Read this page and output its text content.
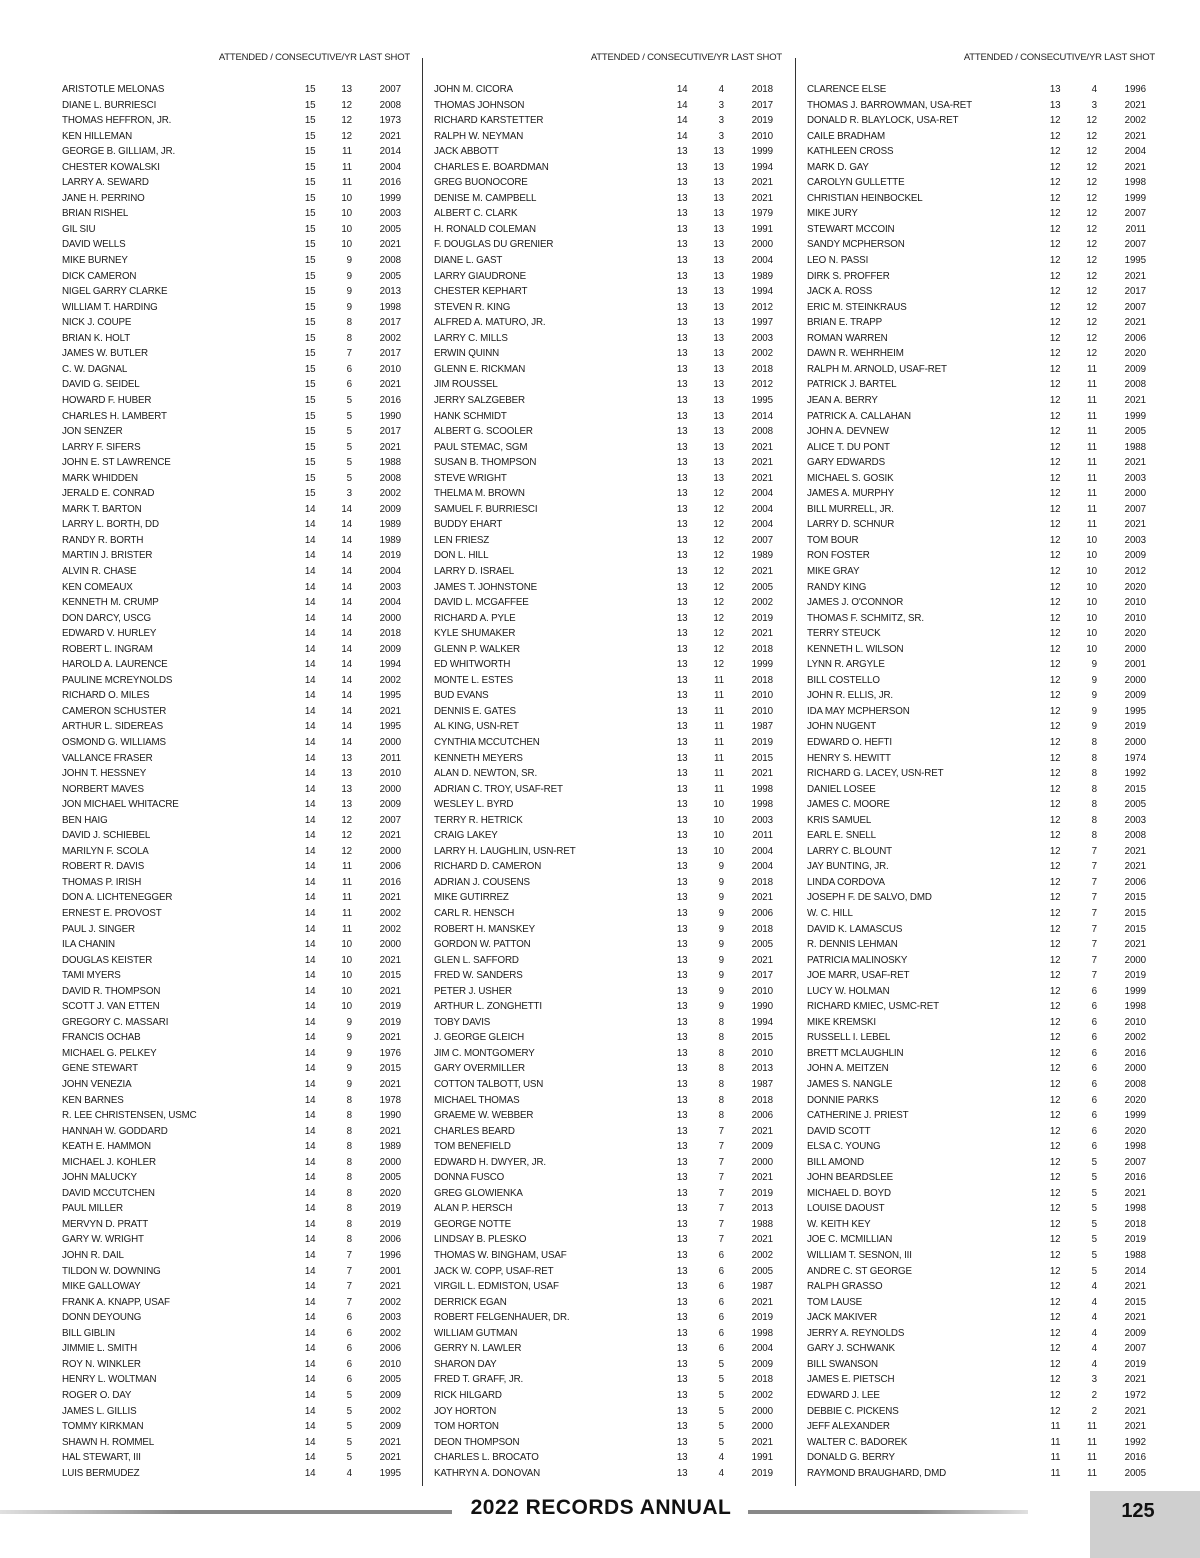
ATTENDED / CONSECUTIVE/YR LAST SHOT
ARISTOTLE MELONAS	15	13	2007
DIANE L. BURRIESCI	15	12	2008
THOMAS HEFFRON, JR.	15	12	1973
KEN HILLEMAN	15	12	2021
GEORGE B. GILLIAM, JR.	15	11	2014
CHESTER KOWALSKI	15	11	2004
LARRY A. SEWARD	15	11	2016
JANE H. PERRINO	15	10	1999
BRIAN RISHEL	15	10	2003
GIL SIU	15	10	2005
DAVID WELLS	15	10	2021
MIKE BURNEY	15	9	2008
DICK CAMERON	15	9	2005
NIGEL GARRY CLARKE	15	9	2013
WILLIAM T. HARDING	15	9	1998
NICK J. COUPE	15	8	2017
BRIAN K. HOLT	15	8	2002
JAMES W. BUTLER	15	7	2017
C. W. DAGNAL	15	6	2010
DAVID G. SEIDEL	15	6	2021
HOWARD F. HUBER	15	5	2016
CHARLES H. LAMBERT	15	5	1990
JON SENZER	15	5	2017
LARRY F. SIFERS	15	5	2021
JOHN E. ST LAWRENCE	15	5	1988
MARK WHIDDEN	15	5	2008
JERALD E. CONRAD	15	3	2002
MARK T. BARTON	14	14	2009
LARRY L. BORTH, DD	14	14	1989
RANDY R. BORTH	14	14	1989
MARTIN J. BRISTER	14	14	2019
ALVIN R. CHASE	14	14	2004
KEN COMEAUX	14	14	2003
KENNETH M. CRUMP	14	14	2004
DON DARCY, USCG	14	14	2000
EDWARD V. HURLEY	14	14	2018
ROBERT L. INGRAM	14	14	2009
HAROLD A. LAURENCE	14	14	1994
PAULINE MCREYNOLDS	14	14	2002
RICHARD O. MILES	14	14	1995
CAMERON SCHUSTER	14	14	2021
ARTHUR L. SIDEREAS	14	14	1995
OSMOND G. WILLIAMS	14	14	2000
VALLANCE FRASER	14	13	2011
JOHN T. HESSNEY	14	13	2010
NORBERT MAVES	14	13	2000
JON MICHAEL WHITACRE	14	13	2009
BEN HAIG	14	12	2007
DAVID J. SCHIEBEL	14	12	2021
MARILYN F. SCOLA	14	12	2000
ROBERT R. DAVIS	14	11	2006
THOMAS P. IRISH	14	11	2016
DON A. LICHTENEGGER	14	11	2021
ERNEST E. PROVOST	14	11	2002
PAUL J. SINGER	14	11	2002
ILA CHANIN	14	10	2000
DOUGLAS KEISTER	14	10	2021
TAMI MYERS	14	10	2015
DAVID R. THOMPSON	14	10	2021
SCOTT J. VAN ETTEN	14	10	2019
GREGORY C. MASSARI	14	9	2019
FRANCIS OCHAB	14	9	2021
MICHAEL G. PELKEY	14	9	1976
GENE STEWART	14	9	2015
JOHN VENEZIA	14	9	2021
KEN BARNES	14	8	1978
R. LEE CHRISTENSEN, USMC	14	8	1990
HANNAH W. GODDARD	14	8	2021
KEATH E. HAMMON	14	8	1989
MICHAEL J. KOHLER	14	8	2000
JOHN MALUCKY	14	8	2005
DAVID MCCUTCHEN	14	8	2020
PAUL MILLER	14	8	2019
MERVYN D. PRATT	14	8	2019
GARY W. WRIGHT	14	8	2006
JOHN R. DAIL	14	7	1996
TILDON W. DOWNING	14	7	2001
MIKE GALLOWAY	14	7	2021
FRANK A. KNAPP, USAF	14	7	2002
DONN DEYOUNG	14	6	2003
BILL GIBLIN	14	6	2002
JIMMIE L. SMITH	14	6	2006
ROY N. WINKLER	14	6	2010
HENRY L. WOLTMAN	14	6	2005
ROGER O. DAY	14	5	2009
JAMES L. GILLIS	14	5	2002
TOMMY KIRKMAN	14	5	2009
SHAWN H. ROMMEL	14	5	2021
HAL STEWART, III	14	5	2021
LUIS BERMUDEZ	14	4	1995
ATTENDED / CONSECUTIVE/YR LAST SHOT
JOHN M. CICORA	14	4	2018
THOMAS JOHNSON	14	3	2017
RICHARD KARSTETTER	14	3	2019
RALPH W. NEYMAN	14	3	2010
JACK ABBOTT	13	13	1999
CHARLES E. BOARDMAN	13	13	1994
GREG BUONOCORE	13	13	2021
DENISE M. CAMPBELL	13	13	2021
ALBERT C. CLARK	13	13	1979
H. RONALD COLEMAN	13	13	1991
F. DOUGLAS DU GRENIER	13	13	2000
DIANE L. GAST	13	13	2004
LARRY GIAUDRONE	13	13	1989
CHESTER KEPHART	13	13	1994
STEVEN R. KING	13	13	2012
ALFRED A. MATURO, JR.	13	13	1997
LARRY C. MILLS	13	13	2003
ERWIN QUINN	13	13	2002
GLENN E. RICKMAN	13	13	2018
JIM ROUSSEL	13	13	2012
JERRY SALZGEBER	13	13	1995
HANK SCHMIDT	13	13	2014
ALBERT G. SCOOLER	13	13	2008
PAUL STEMAC, SGM	13	13	2021
SUSAN B. THOMPSON	13	13	2021
STEVE WRIGHT	13	13	2021
THELMA M. BROWN	13	12	2004
SAMUEL F. BURRIESCI	13	12	2004
BUDDY EHART	13	12	2004
LEN FRIESZ	13	12	2007
DON L. HILL	13	12	1989
LARRY D. ISRAEL	13	12	2021
JAMES T. JOHNSTONE	13	12	2005
DAVID L. MCGAFFEE	13	12	2002
RICHARD A. PYLE	13	12	2019
KYLE SHUMAKER	13	12	2021
GLENN P. WALKER	13	12	2018
ED WHITWORTH	13	12	1999
MONTE L. ESTES	13	11	2018
BUD EVANS	13	11	2010
DENNIS E. GATES	13	11	2010
AL KING, USN-RET	13	11	1987
CYNTHIA MCCUTCHEN	13	11	2019
KENNETH MEYERS	13	11	2015
ALAN D. NEWTON, SR.	13	11	2021
ADRIAN C. TROY, USAF-RET	13	11	1998
WESLEY L. BYRD	13	10	1998
TERRY R. HETRICK	13	10	2003
CRAIG LAKEY	13	10	2011
LARRY H. LAUGHLIN, USN-RET	13	10	2004
RICHARD D. CAMERON	13	9	2004
ADRIAN J. COUSENS	13	9	2018
MIKE GUTIRREZ	13	9	2021
CARL R. HENSCH	13	9	2006
ROBERT H. MANSKEY	13	9	2018
GORDON W. PATTON	13	9	2005
GLEN L. SAFFORD	13	9	2021
FRED W. SANDERS	13	9	2017
PETER J. USHER	13	9	2010
ARTHUR L. ZONGHETTI	13	9	1990
TOBY DAVIS	13	8	1994
J. GEORGE GLEICH	13	8	2015
JIM C. MONTGOMERY	13	8	2010
GARY OVERMILLER	13	8	2013
COTTON TALBOTT, USN	13	8	1987
MICHAEL THOMAS	13	8	2018
GRAEME W. WEBBER	13	8	2006
CHARLES BEARD	13	7	2021
TOM BENEFIELD	13	7	2009
EDWARD H. DWYER, JR.	13	7	2000
DONNA FUSCO	13	7	2021
GREG GLOWIENKA	13	7	2019
ALAN P. HERSCH	13	7	2013
GEORGE NOTTE	13	7	1988
LINDSAY B. PLESKO	13	7	2021
THOMAS W. BINGHAM, USAF	13	6	2002
JACK W. COPP, USAF-RET	13	6	2005
VIRGIL L. EDMISTON, USAF	13	6	1987
DERRICK EGAN	13	6	2021
ROBERT FELGENHAUER, DR.	13	6	2019
WILLIAM GUTMAN	13	6	1998
GERRY N. LAWLER	13	6	2004
SHARON DAY	13	5	2009
FRED T. GRAFF, JR.	13	5	2018
RICK HILGARD	13	5	2002
JOY HORTON	13	5	2000
TOM HORTON	13	5	2000
DEON THOMPSON	13	5	2021
CHARLES L. BROCATO	13	4	1991
KATHRYN A. DONOVAN	13	4	2019
ATTENDED / CONSECUTIVE/YR LAST SHOT
CLARENCE ELSE	13	4	1996
THOMAS J. BARROWMAN, USA-RET	13	3	2021
DONALD R. BLAYLOCK, USA-RET	12	12	2002
CAILE BRADHAM	12	12	2021
KATHLEEN CROSS	12	12	2004
MARK D. GAY	12	12	2021
CAROLYN GULLETTE	12	12	1998
CHRISTIAN HEINBOCKEL	12	12	1999
MIKE JURY	12	12	2007
STEWART MCCOIN	12	12	2011
SANDY MCPHERSON	12	12	2007
LEO N. PASSI	12	12	1995
DIRK S. PROFFER	12	12	2021
JACK A. ROSS	12	12	2017
ERIC M. STEINKRAUS	12	12	2007
BRIAN E. TRAPP	12	12	2021
ROMAN WARREN	12	12	2006
DAWN R. WEHRHEIM	12	12	2020
RALPH M. ARNOLD, USAF-RET	12	11	2009
PATRICK J. BARTEL	12	11	2008
JEAN A. BERRY	12	11	2021
PATRICK A. CALLAHAN	12	11	1999
JOHN A. DEVNEW	12	11	2005
ALICE T. DU PONT	12	11	1988
GARY EDWARDS	12	11	2021
MICHAEL S. GOSIK	12	11	2003
JAMES A. MURPHY	12	11	2000
BILL MURRELL, JR.	12	11	2007
LARRY D. SCHNUR	12	11	2021
TOM BOUR	12	10	2003
RON FOSTER	12	10	2009
MIKE GRAY	12	10	2012
RANDY KING	12	10	2020
JAMES J. O'CONNOR	12	10	2010
THOMAS F. SCHMITZ, SR.	12	10	2010
TERRY STEUCK	12	10	2020
KENNETH L. WILSON	12	10	2000
LYNN R. ARGYLE	12	9	2001
BILL COSTELLO	12	9	2000
JOHN R. ELLIS, JR.	12	9	2009
IDA MAY MCPHERSON	12	9	1995
JOHN NUGENT	12	9	2019
EDWARD O. HEFTI	12	8	2000
HENRY S. HEWITT	12	8	1974
RICHARD G. LACEY, USN-RET	12	8	1992
DANIEL LOSEE	12	8	2015
JAMES C. MOORE	12	8	2005
KRIS SAMUEL	12	8	2003
EARL E. SNELL	12	8	2008
LARRY C. BLOUNT	12	7	2021
JAY BUNTING, JR.	12	7	2021
LINDA CORDOVA	12	7	2006
JOSEPH F. DE SALVO, DMD	12	7	2015
W. C. HILL	12	7	2015
DAVID K. LAMASCUS	12	7	2015
R. DENNIS LEHMAN	12	7	2021
PATRICIA MALINOSKY	12	7	2000
JOE MARR, USAF-RET	12	7	2019
LUCY W. HOLMAN	12	6	1999
RICHARD KMIEC, USMC-RET	12	6	1998
MIKE KREMSKI	12	6	2010
RUSSELL I. LEBEL	12	6	2002
BRETT MCLAUGHLIN	12	6	2016
JOHN A. MEITZEN	12	6	2000
JAMES S. NANGLE	12	6	2008
DONNIE PARKS	12	6	2020
CATHERINE J. PRIEST	12	6	1999
DAVID SCOTT	12	6	2020
ELSA C. YOUNG	12	6	1998
BILL AMOND	12	5	2007
JOHN BEARDSLEE	12	5	2016
MICHAEL D. BOYD	12	5	2021
LOUISE DAOUST	12	5	1998
W. KEITH KEY	12	5	2018
JOE C. MCMILLIAN	12	5	2019
WILLIAM T. SESNON, III	12	5	1988
ANDRE C. ST GEORGE	12	5	2014
RALPH GRASSO	12	4	2021
TOM LAUSE	12	4	2015
JACK MAKIVER	12	4	2021
JERRY A. REYNOLDS	12	4	2009
GARY J. SCHWANK	12	4	2007
BILL SWANSON	12	4	2019
JAMES E. PIETSCH	12	3	2021
EDWARD J. LEE	12	2	1972
DEBBIE C. PICKENS	12	2	2021
JEFF ALEXANDER	11	11	2021
WALTER C. BADOREK	11	11	1992
DONALD G. BERRY	11	11	2016
RAYMOND BRAUGHARD, DMD	11	11	2005
2022 RECORDS ANNUAL	125
